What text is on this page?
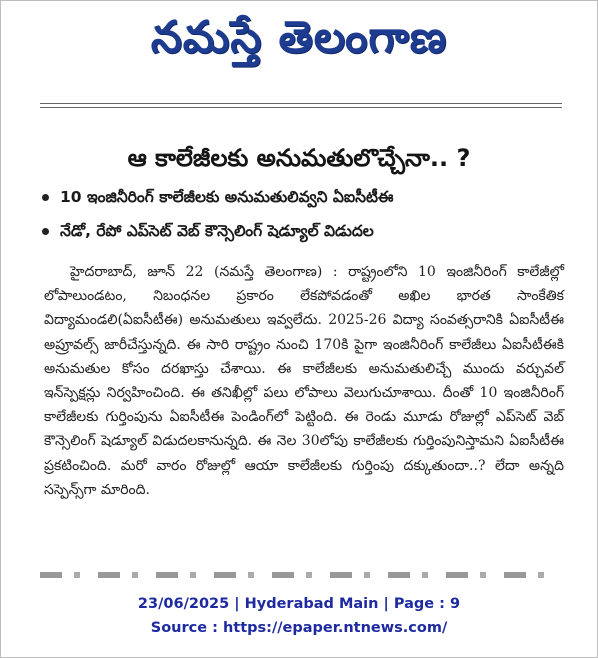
నమస్తే తెలంగాణ
ఆ కాలేజీలకు అనుమతులొచ్చేనా.. ?
10 ఇంజినీరింగ్ కాలేజీలకు అనుమతులివ్వని ఏఐసీటీఈ
నేడో, రేపో ఎప్‌సెట్ వెబ్ కౌన్సెలింగ్ షెడ్యూల్ విడుదల

హైదరాబాద్, జూన్ 22 (నమస్తే తెలంగాణ) : రాష్ట్రంలోని 10 ఇంజినీరింగ్ కాలేజీల్లో లోపాలుండటం, నిబంధనల ప్రకారం లేకపోవడంతో అఖిల భారత సాంకేతిక విద్యామండలి(ఏఐసీటీఈ) అనుమతులు ఇవ్వలేదు. 2025-26 విద్యా సంవత్సరానికి ఏఐసీటీఈ అప్రూవల్స్ జారీచేస్తున్నది. ఈ సారి రాష్ట్రం నుంచి 170కి పైగా ఇంజినీరింగ్ కాలేజీలు ఏఐసీటీఈకి అనుమతుల కోసం దరఖాస్తు చేశాయి. ఈ కాలేజీలకు అనుమతులిచ్చే ముందు వర్చువల్ ఇన్‌స్పెక్షన్లు నిర్వహించింది. ఈ తనిఖీల్లో పలు లోపాలు వెలుగుచూశాయి. దీంతో 10 ఇంజినీరింగ్ కాలేజీలకు గుర్తింపును ఏఐసీటీఈ పెండింగ్‌లో పెట్టింది. ఈ రెండు మూడు రోజుల్లో ఎప్‌సెట్ వెబ్ కౌన్సెలింగ్ షెడ్యూల్ విడుదలకానున్నది. ఈ నెల 30లోపు కాలేజీలకు గుర్తింపునిస్తామని ఏఐసీటీఈ ప్రకటించింది. మరో వారం రోజుల్లో ఆయా కాలేజీలకు గుర్తింపు దక్కుతుందా..? లేదా అన్నది సస్పెన్స్‌గా మారింది.

23/06/2025 | Hyderabad Main | Page : 9
Source : https://epaper.ntnews.com/
